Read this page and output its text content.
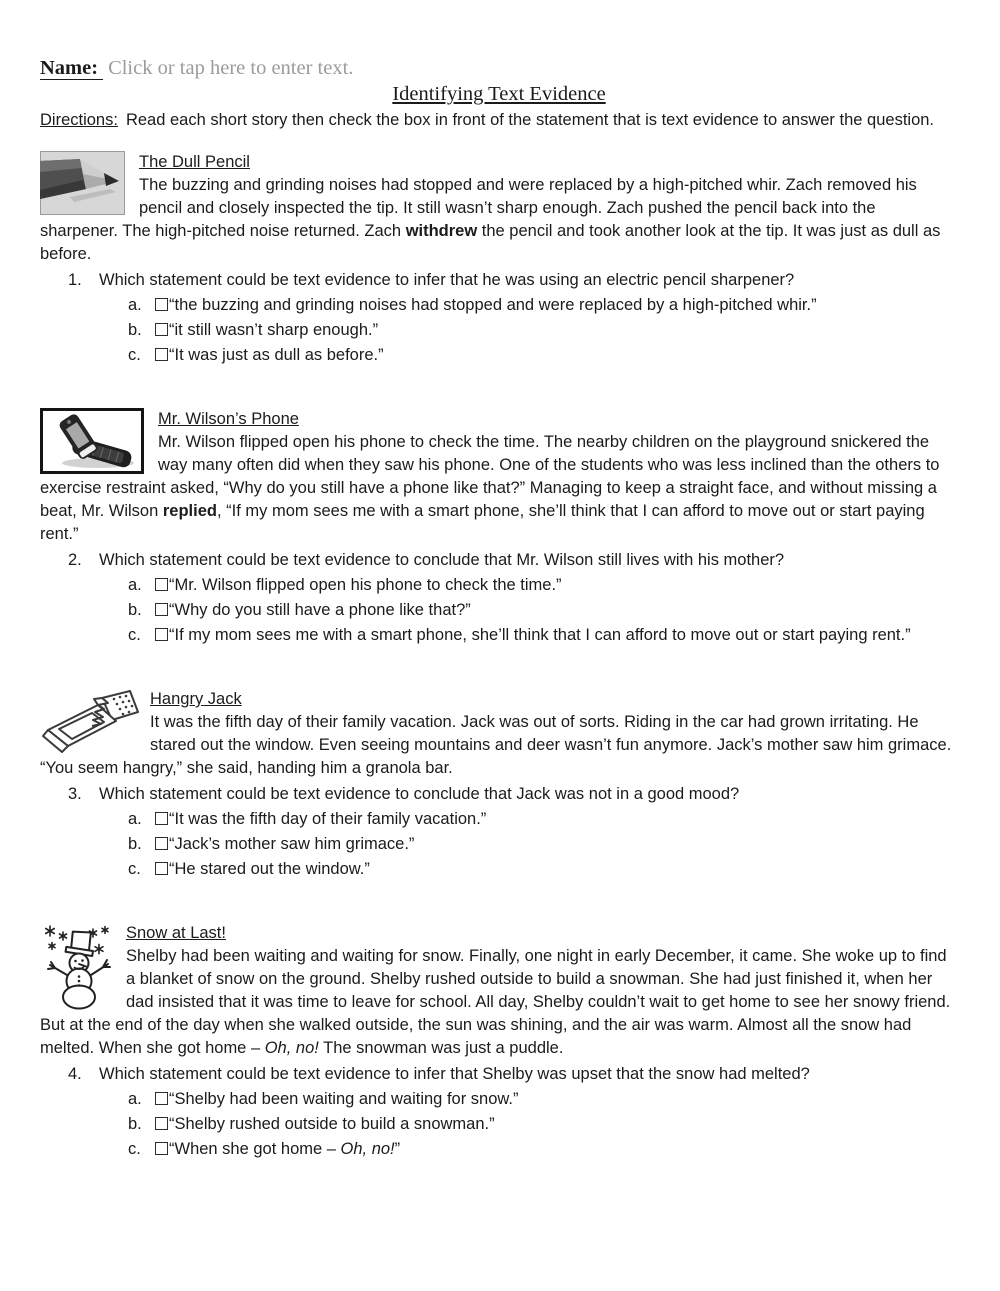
Name: Click or tap here to enter text.
Identifying Text Evidence
Directions: Read each short story then check the box in front of the statement that is text evidence to answer the question.
The Dull Pencil
The buzzing and grinding noises had stopped and were replaced by a high-pitched whir. Zach removed his pencil and closely inspected the tip. It still wasn’t sharp enough. Zach pushed the pencil back into the sharpener. The high-pitched noise returned. Zach withdrew the pencil and took another look at the tip. It was just as dull as before.
1.	Which statement could be text evidence to infer that he was using an electric pencil sharpener?
a.	“the buzzing and grinding noises had stopped and were replaced by a high-pitched whir.”
b.	“it still wasn’t sharp enough.”
c.	“It was just as dull as before.”
Mr. Wilson’s Phone
Mr. Wilson flipped open his phone to check the time. The nearby children on the playground snickered the way many often did when they saw his phone. One of the students who was less inclined than the others to exercise restraint asked, “Why do you still have a phone like that?” Managing to keep a straight face, and without missing a beat, Mr. Wilson replied, “If my mom sees me with a smart phone, she’ll think that I can afford to move out or start paying rent.”
2.	Which statement could be text evidence to conclude that Mr. Wilson still lives with his mother?
a.	“Mr. Wilson flipped open his phone to check the time.”
b.	“Why do you still have a phone like that?”
c.	“If my mom sees me with a smart phone, she’ll think that I can afford to move out or start paying rent.”
Hangry Jack
It was the fifth day of their family vacation. Jack was out of sorts. Riding in the car had grown irritating. He stared out the window. Even seeing mountains and deer wasn’t fun anymore. Jack’s mother saw him grimace. “You seem hangry,” she said, handing him a granola bar.
3.	Which statement could be text evidence to conclude that Jack was not in a good mood?
a.	“It was the fifth day of their family vacation.”
b.	“Jack’s mother saw him grimace.”
c.	“He stared out the window.”
Snow at Last!
Shelby had been waiting and waiting for snow. Finally, one night in early December, it came. She woke up to find a blanket of snow on the ground. Shelby rushed outside to build a snowman. She had just finished it, when her dad insisted that it was time to leave for school. All day, Shelby couldn’t wait to get home to see her snowy friend. But at the end of the day when she walked outside, the sun was shining, and the air was warm. Almost all the snow had melted. When she got home – Oh, no! The snowman was just a puddle.
4.	Which statement could be text evidence to infer that Shelby was upset that the snow had melted?
a.	“Shelby had been waiting and waiting for snow.”
b.	“Shelby rushed outside to build a snowman.”
c.	“When she got home – Oh, no!”
